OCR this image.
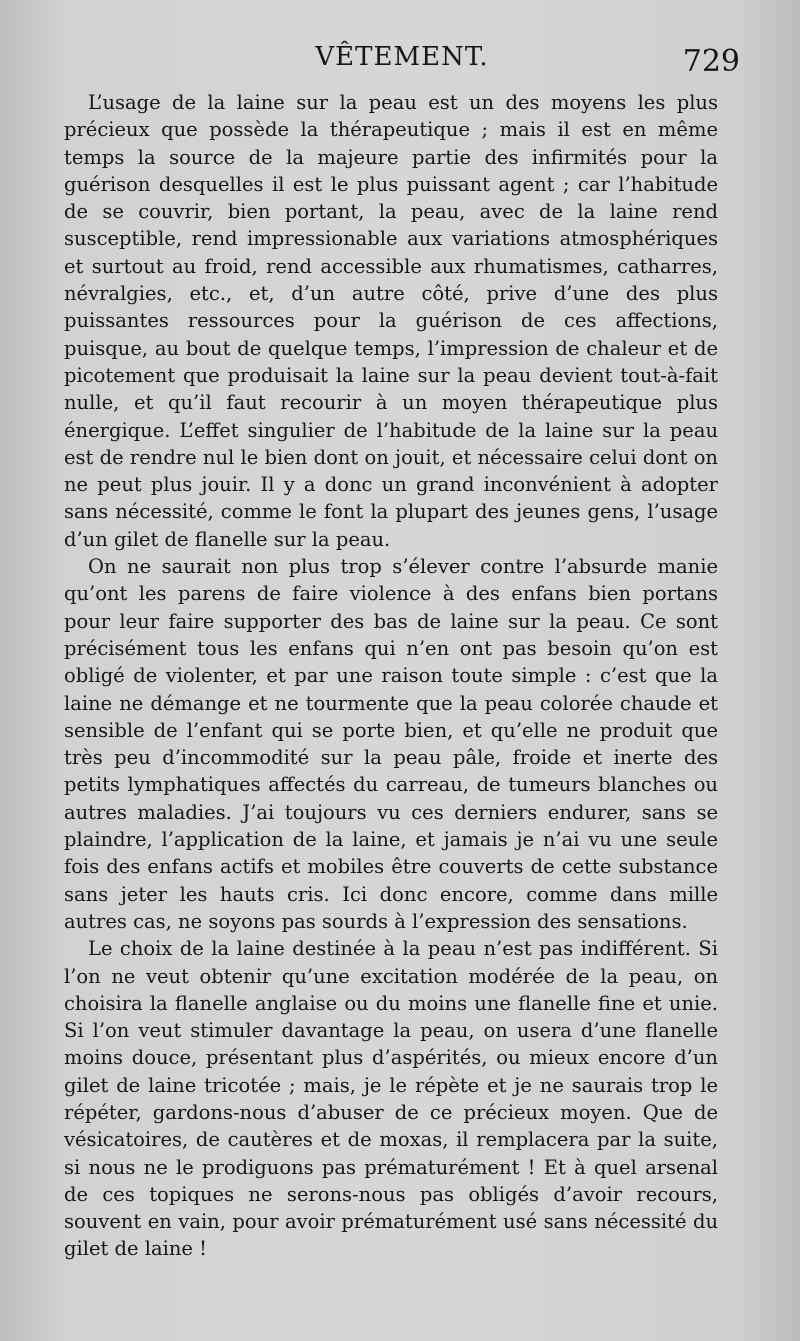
VÊTEMENT.	729

L’usage de la laine sur la peau est un des moyens les plus précieux que possède la thérapeutique ; mais il est en même temps la source de la majeure partie des infirmités pour la guérison desquelles il est le plus puissant agent ; car l’habitude de se couvrir, bien portant, la peau, avec de la laine rend susceptible, rend impressionable aux variations atmosphériques et surtout au froid, rend accessible aux rhumatismes, catharres, névralgies, etc., et, d’un autre côté, prive d’une des plus puissantes ressources pour la guérison de ces affections, puisque, au bout de quelque temps, l’impression de chaleur et de picotement que produisait la laine sur la peau devient tout-à-fait nulle, et qu’il faut recourir à un moyen thérapeutique plus énergique. L’effet singulier de l’habitude de la laine sur la peau est de rendre nul le bien dont on jouit, et nécessaire celui dont on ne peut plus jouir. Il y a donc un grand inconvénient à adopter sans nécessité, comme le font la plupart des jeunes gens, l’usage d’un gilet de flanelle sur la peau.

On ne saurait non plus trop s’élever contre l’absurde manie qu’ont les parens de faire violence à des enfans bien portans pour leur faire supporter des bas de laine sur la peau. Ce sont précisément tous les enfans qui n’en ont pas besoin qu’on est obligé de violenter, et par une raison toute simple : c’est que la laine ne démange et ne tourmente que la peau colorée chaude et sensible de l’enfant qui se porte bien, et qu’elle ne produit que très peu d’incommodité sur la peau pâle, froide et inerte des petits lymphatiques affectés du carreau, de tumeurs blanches ou autres maladies. J’ai toujours vu ces derniers endurer, sans se plaindre, l’application de la laine, et jamais je n’ai vu une seule fois des enfans actifs et mobiles être couverts de cette substance sans jeter les hauts cris. Ici donc encore, comme dans mille autres cas, ne soyons pas sourds à l’expression des sensations.

Le choix de la laine destinée à la peau n’est pas indifférent. Si l’on ne veut obtenir qu’une excitation modérée de la peau, on choisira la flanelle anglaise ou du moins une flanelle fine et unie. Si l’on veut stimuler davantage la peau, on usera d’une flanelle moins douce, présentant plus d’aspérités, ou mieux encore d’un gilet de laine tricotée ; mais, je le répète et je ne saurais trop le répéter, gardons-nous d’abuser de ce précieux moyen. Que de vésicatoires, de cautères et de moxas, il remplacera par la suite, si nous ne le prodiguons pas prématurément ! Et à quel arsenal de ces topiques ne serons-nous pas obligés d’avoir recours, souvent en vain, pour avoir prématurément usé sans nécessité du gilet de laine !
